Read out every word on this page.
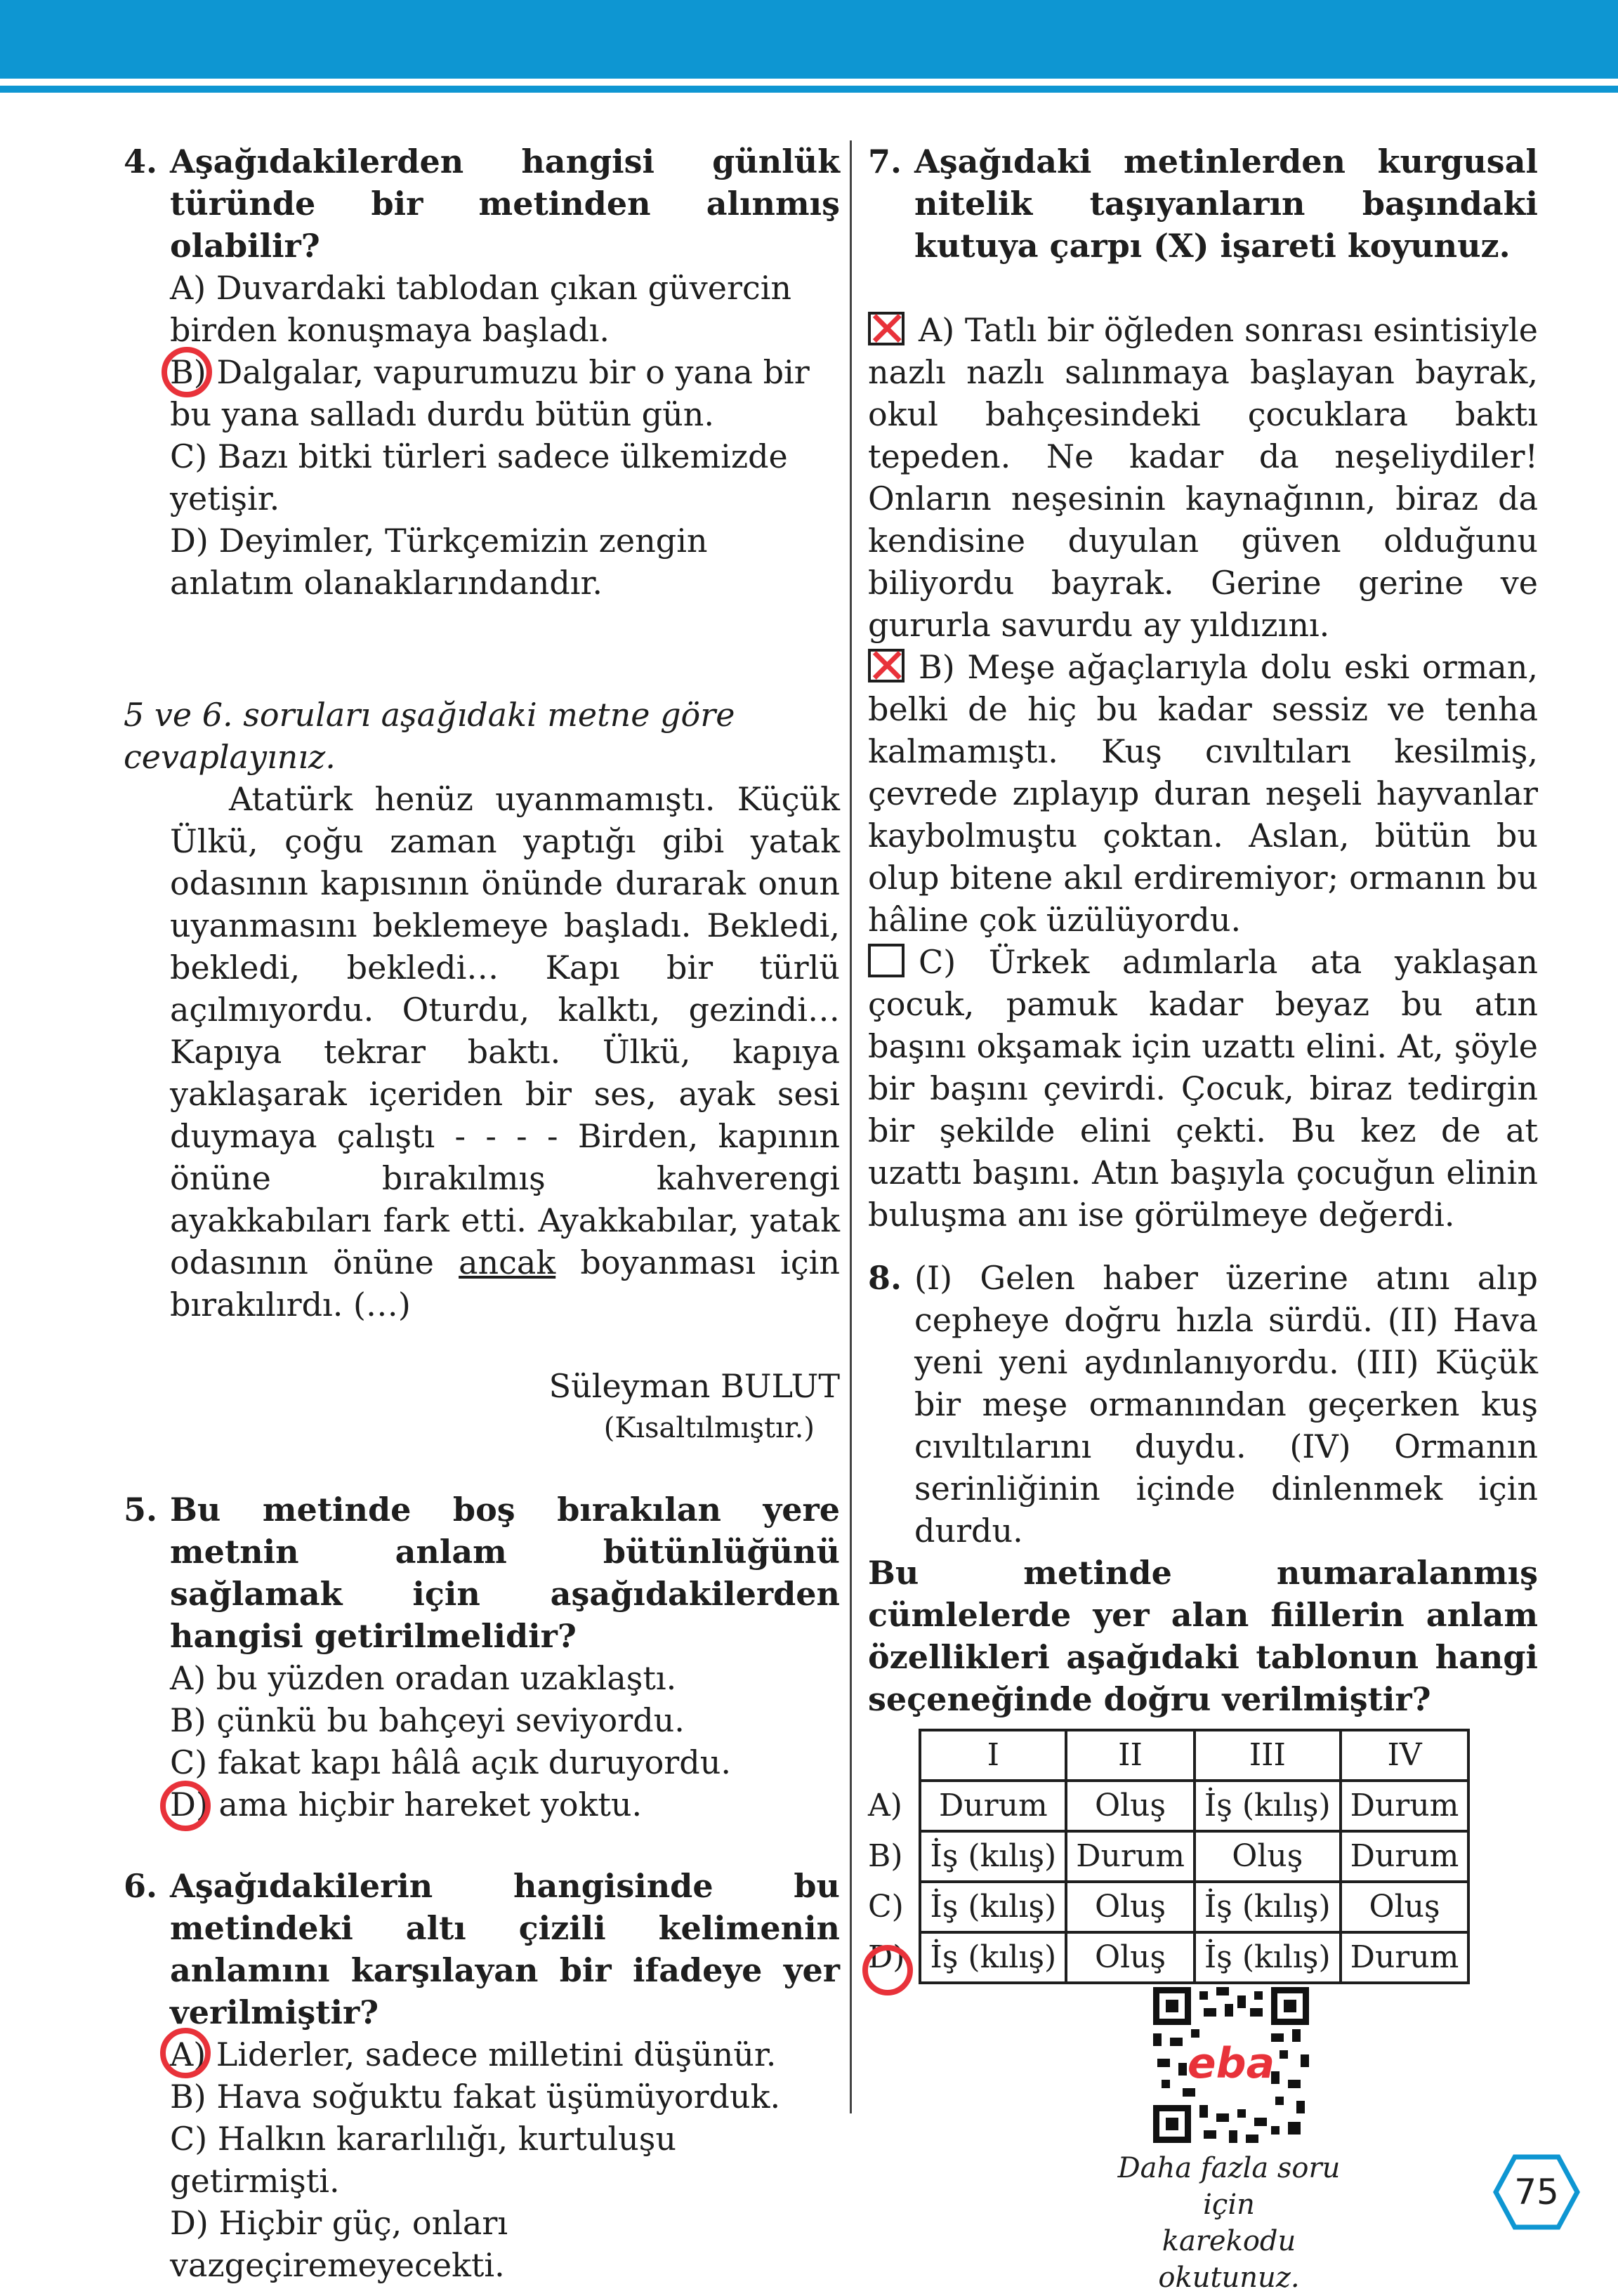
4. Aşağıdakilerden hangisi günlük türünde bir metinden alınmış olabilir?

A) Duvardaki tablodan çıkan güvercin birden konuşmaya başladı.

B) Dalgalar, vapurumuzu bir o yana bir bu yana salladı durdu bütün gün.

C) Bazı bitki türleri sadece ülkemizde yetişir.

D) Deyimler, Türkçemizin zengin anlatım olanaklarındandır.

5 ve 6. soruları aşağıdaki metne göre cevaplayınız.

Atatürk henüz uyanmamıştı. Küçük Ülkü, çoğu zaman yaptığı gibi yatak odasının kapısının önünde durarak onun uyanmasını beklemeye başladı. Bekledi, bekledi, bekledi… Kapı bir türlü açılmıyordu. Oturdu, kalktı, gezindi… Kapıya tekrar baktı. Ülkü, kapıya yaklaşarak içeriden bir ses, ayak sesi duymaya çalıştı - - - - Birden, kapının önüne bırakılmış kahverengi ayakkabıları fark etti. Ayakkabılar, yatak odasının önüne ancak boyanması için bırakılırdı. (…)

Süleyman BULUT

(Kısaltılmıştır.)

5. Bu metinde boş bırakılan yere metnin anlam bütünlüğünü sağlamak için aşağıdakilerden hangisi getirilmelidir?

A) bu yüzden oradan uzaklaştı.

B) çünkü bu bahçeyi seviyordu.

C) fakat kapı hâlâ açık duruyordu.

D) ama hiçbir hareket yoktu.

6. Aşağıdakilerin hangisinde bu metindeki altı çizili kelimenin anlamını karşılayan bir ifadeye yer verilmiştir?

A) Liderler, sadece milletini düşünür.

B) Hava soğuktu fakat üşümüyorduk.

C) Halkın kararlılığı, kurtuluşu getirmişti.

D) Hiçbir güç, onları vazgeçiremeyecekti.

7. Aşağıdaki metinlerden kurgusal nitelik taşıyanların başındaki kutuya çarpı (X) işareti koyunuz.

✕ A) Tatlı bir öğleden sonrası esintisiyle nazlı nazlı salınmaya başlayan bayrak, okul bahçesindeki çocuklara baktı tepeden. Ne kadar da neşeliydiler! Onların neşesinin kaynağının, biraz da kendisine duyulan güven olduğunu biliyordu bayrak. Gerine gerine ve gururla savurdu ay yıldızını.

✕ B) Meşe ağaçlarıyla dolu eski orman, belki de hiç bu kadar sessiz ve tenha kalmamıştı. Kuş cıvıltıları kesilmiş, çevrede zıplayıp duran neşeli hayvanlar kaybolmuştu çoktan. Aslan, bütün bu olup bitene akıl erdiremiyor; ormanın bu hâline çok üzülüyordu.

C) Ürkek adımlarla ata yaklaşan çocuk, pamuk kadar beyaz bu atın başını okşamak için uzattı elini. At, şöyle bir başını çevirdi. Çocuk, biraz tedirgin bir şekilde elini çekti. Bu kez de at uzattı başını. Atın başıyla çocuğun elinin buluşma anı ise görülmeye değerdi.

8. (I) Gelen haber üzerine atını alıp cepheye doğru hızla sürdü. (II) Hava yeni yeni aydınlanıyordu. (III) Küçük bir meşe ormanından geçerken kuş cıvıltılarını duydu. (IV) Ormanın serinliğinin içinde dinlenmek için durdu.

Bu metinde numaralanmış cümlelerde yer alan fiillerin anlam özellikleri aşağıdaki tablonun hangi seçeneğinde doğru verilmiştir?

	I	II	III	IV
A)	Durum	Oluş	İş (kılış)	Durum
B)	İş (kılış)	Durum	Oluş	Durum
C)	İş (kılış)	Oluş	İş (kılış)	Oluş

D)	İş (kılış)	Oluş	İş (kılış)	Durum
eba
Daha fazla soru için
karekodu okutunuz.
75
